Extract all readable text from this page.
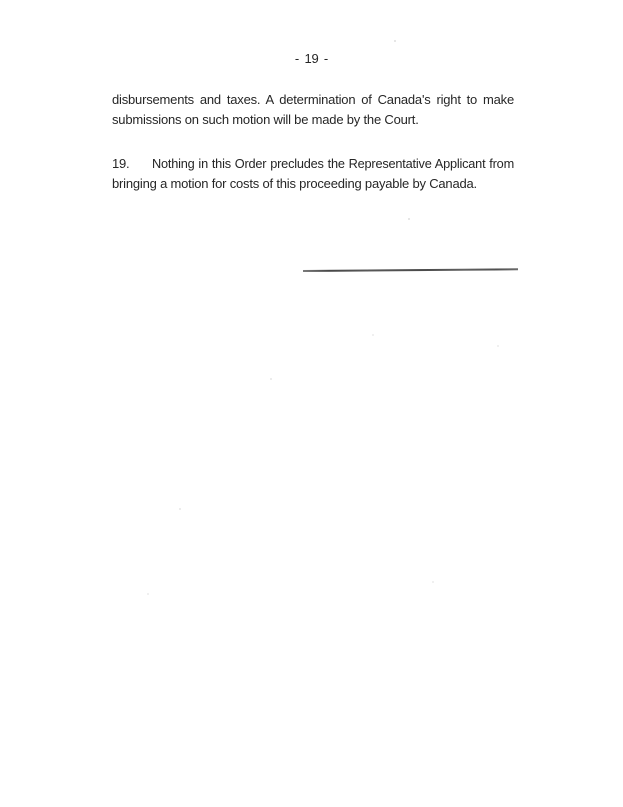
- 19 -
disbursements and taxes. A determination of Canada's right to make
submissions on such motion will be made by the Court.
19. Nothing in this Order precludes the Representative Applicant from
bringing a motion for costs of this proceeding payable by Canada.
